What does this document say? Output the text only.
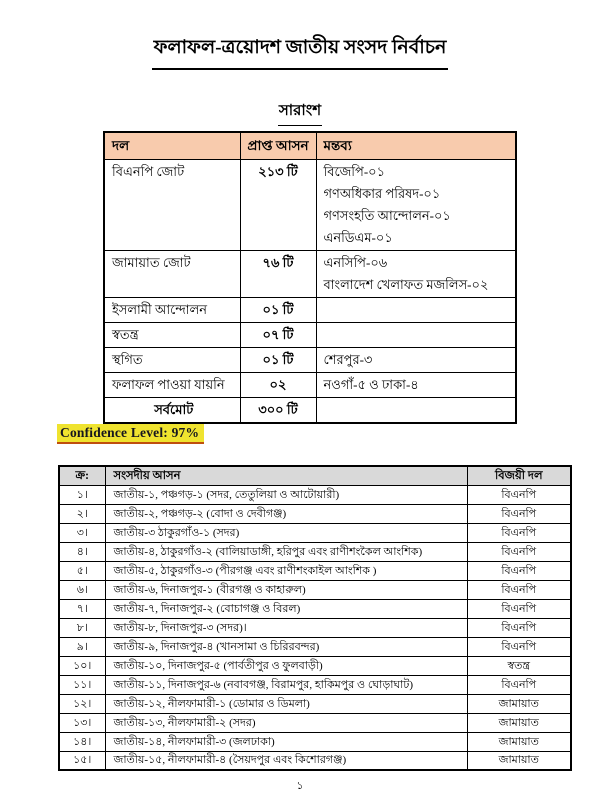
ফলাফল-ত্রয়োদশ জাতীয় সংসদ নির্বাচন
সারাংশ
দল	প্রাপ্ত আসন	মন্তব্য
বিএনপি জোট	২১৩ টি	বিজেপি-০১
গণঅধিকার পরিষদ-০১
গণসংহতি আন্দোলন-০১
এনডিএম-০১

জামায়াত জোট	৭৬ টি	এনসিপি-০৬
বাংলাদেশ খেলাফত মজলিস-০২

ইসলামী আন্দোলন	০১ টি	
স্বতন্ত্র	০৭ টি	
স্থগিত	০১ টি	শেরপুর-৩
ফলাফল পাওয়া যায়নি	০২	নওগাঁ-৫ ও ঢাকা-৪
সর্বমোট	৩০০ টি	
Confidence Level: 97%
ক্র:	সংসদীয় আসন	বিজয়ী দল
১।	জাতীয়-১, পঞ্চগড়-১ (সদর, তেতুলিয়া ও আটোয়ারী)	বিএনপি
২।	জাতীয়-২, পঞ্চগড়-২ (বোদা ও দেবীগঞ্জ)	বিএনপি
৩।	জাতীয়-৩ ঠাকুরগাঁও-১ (সদর)	বিএনপি
৪।	জাতীয়-৪, ঠাকুরগাঁও-২ (বালিয়াডাঙ্গী, হরিপুর এবং রাণীশংকৈল আংশিক)	বিএনপি
৫।	জাতীয়-৫, ঠাকুরগাঁও-৩ (পীরগঞ্জ এবং রাণীশংকাইল আংশিক )	বিএনপি
৬।	জাতীয়-৬, দিনাজপুর-১ (বীরগঞ্জ ও কাহারুল)	বিএনপি
৭।	জাতীয়-৭, দিনাজপুর-২ (বোচাগঞ্জ ও বিরল)	বিএনপি
৮।	জাতীয়-৮, দিনাজপুর-৩ (সদর)।	বিএনপি
৯।	জাতীয়-৯, দিনাজপুর-৪ (খানসামা ও চিরিরবন্দর)	বিএনপি
১০।	জাতীয়-১০, দিনাজপুর-৫ (পার্বতীপুর ও ফুলবাড়ী)	স্বতন্ত্র
১১।	জাতীয়-১১, দিনাজপুর-৬ (নবাবগঞ্জ, বিরামপুর, হাকিমপুর ও ঘোড়াঘাট)	বিএনপি
১২।	জাতীয়-১২, নীলফামারী-১ (ডোমার ও ডিমলা)	জামায়াত
১৩।	জাতীয়-১৩, নীলফামারী-২ (সদর)	জামায়াত
১৪।	জাতীয়-১৪, নীলফামারী-৩ (জলঢাকা)	জামায়াত
১৫।	জাতীয়-১৫, নীলফামারী-৪ (সৈয়দপুর এবং কিশোরগঞ্জ)	জামায়াত
১
